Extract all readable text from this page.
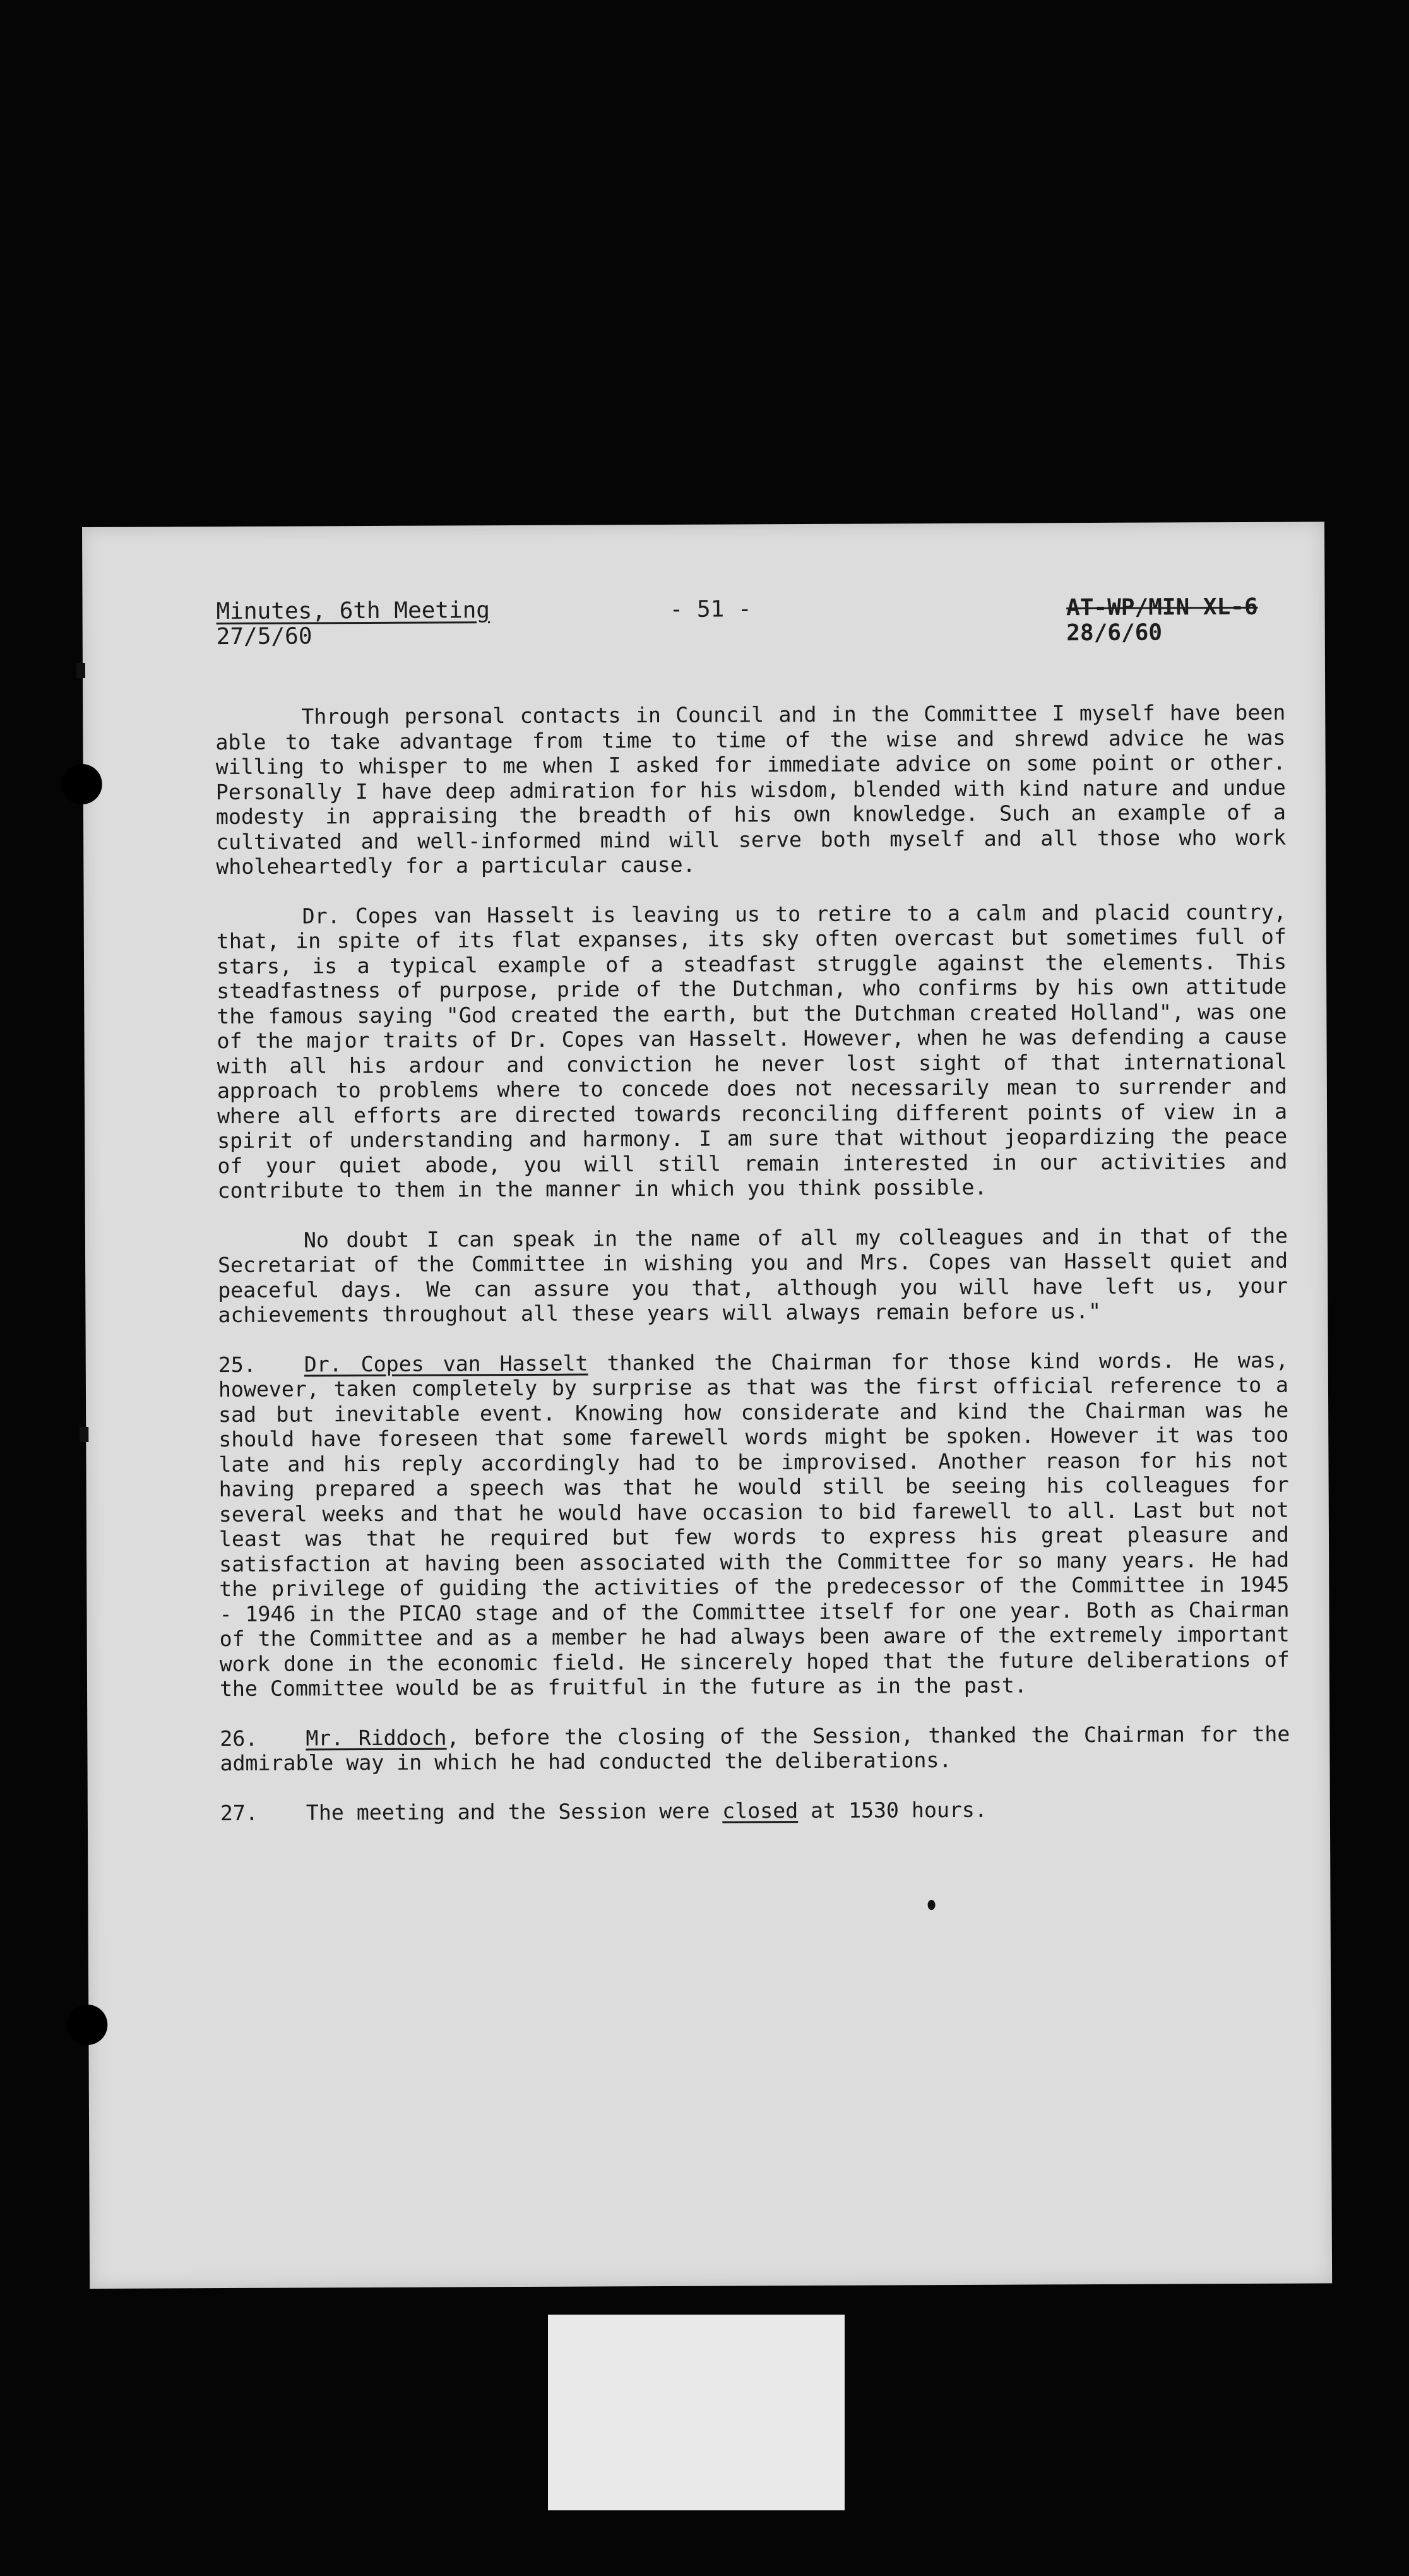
Minutes, 6th Meeting
27/5/60
- 51 -	AT-WP/MIN XL-6
28/6/60

Through personal contacts in Council and in the Committee I myself have been able to take advantage from time to time of the wise and shrewd advice he was willing to whisper to me when I asked for immediate advice on some point or other. Personally I have deep admiration for his wisdom, blended with kind nature and undue modesty in appraising the breadth of his own knowledge. Such an example of a cultivated and well-informed mind will serve both myself and all those who work wholeheartedly for a particular cause.

Dr. Copes van Hasselt is leaving us to retire to a calm and placid country, that, in spite of its flat expanses, its sky often overcast but sometimes full of stars, is a typical example of a steadfast struggle against the elements. This steadfastness of purpose, pride of the Dutchman, who confirms by his own attitude the famous saying "God created the earth, but the Dutchman created Holland", was one of the major traits of Dr. Copes van Hasselt. However, when he was defending a cause with all his ardour and conviction he never lost sight of that international approach to problems where to concede does not necessarily mean to surrender and where all efforts are directed towards reconciling different points of view in a spirit of understanding and harmony. I am sure that without jeopardizing the peace of your quiet abode, you will still remain interested in our activities and contribute to them in the manner in which you think possible.

No doubt I can speak in the name of all my colleagues and in that of the Secretariat of the Committee in wishing you and Mrs. Copes van Hasselt quiet and peaceful days. We can assure you that, although you will have left us, your achievements throughout all these years will always remain before us."

25. Dr. Copes van Hasselt thanked the Chairman for those kind words. He was, however, taken completely by surprise as that was the first official reference to a sad but inevitable event. Knowing how considerate and kind the Chairman was he should have foreseen that some farewell words might be spoken. However it was too late and his reply accordingly had to be improvised. Another reason for his not having prepared a speech was that he would still be seeing his colleagues for several weeks and that he would have occasion to bid farewell to all. Last but not least was that he required but few words to express his great pleasure and satisfaction at having been associated with the Committee for so many years. He had the privilege of guiding the activities of the predecessor of the Committee in 1945 - 1946 in the PICAO stage and of the Committee itself for one year. Both as Chairman of the Committee and as a member he had always been aware of the extremely important work done in the economic field. He sincerely hoped that the future deliberations of the Committee would be as fruitful in the future as in the past.

26. Mr. Riddoch, before the closing of the Session, thanked the Chairman for the admirable way in which he had conducted the deliberations.

27. The meeting and the Session were closed at 1530 hours.
